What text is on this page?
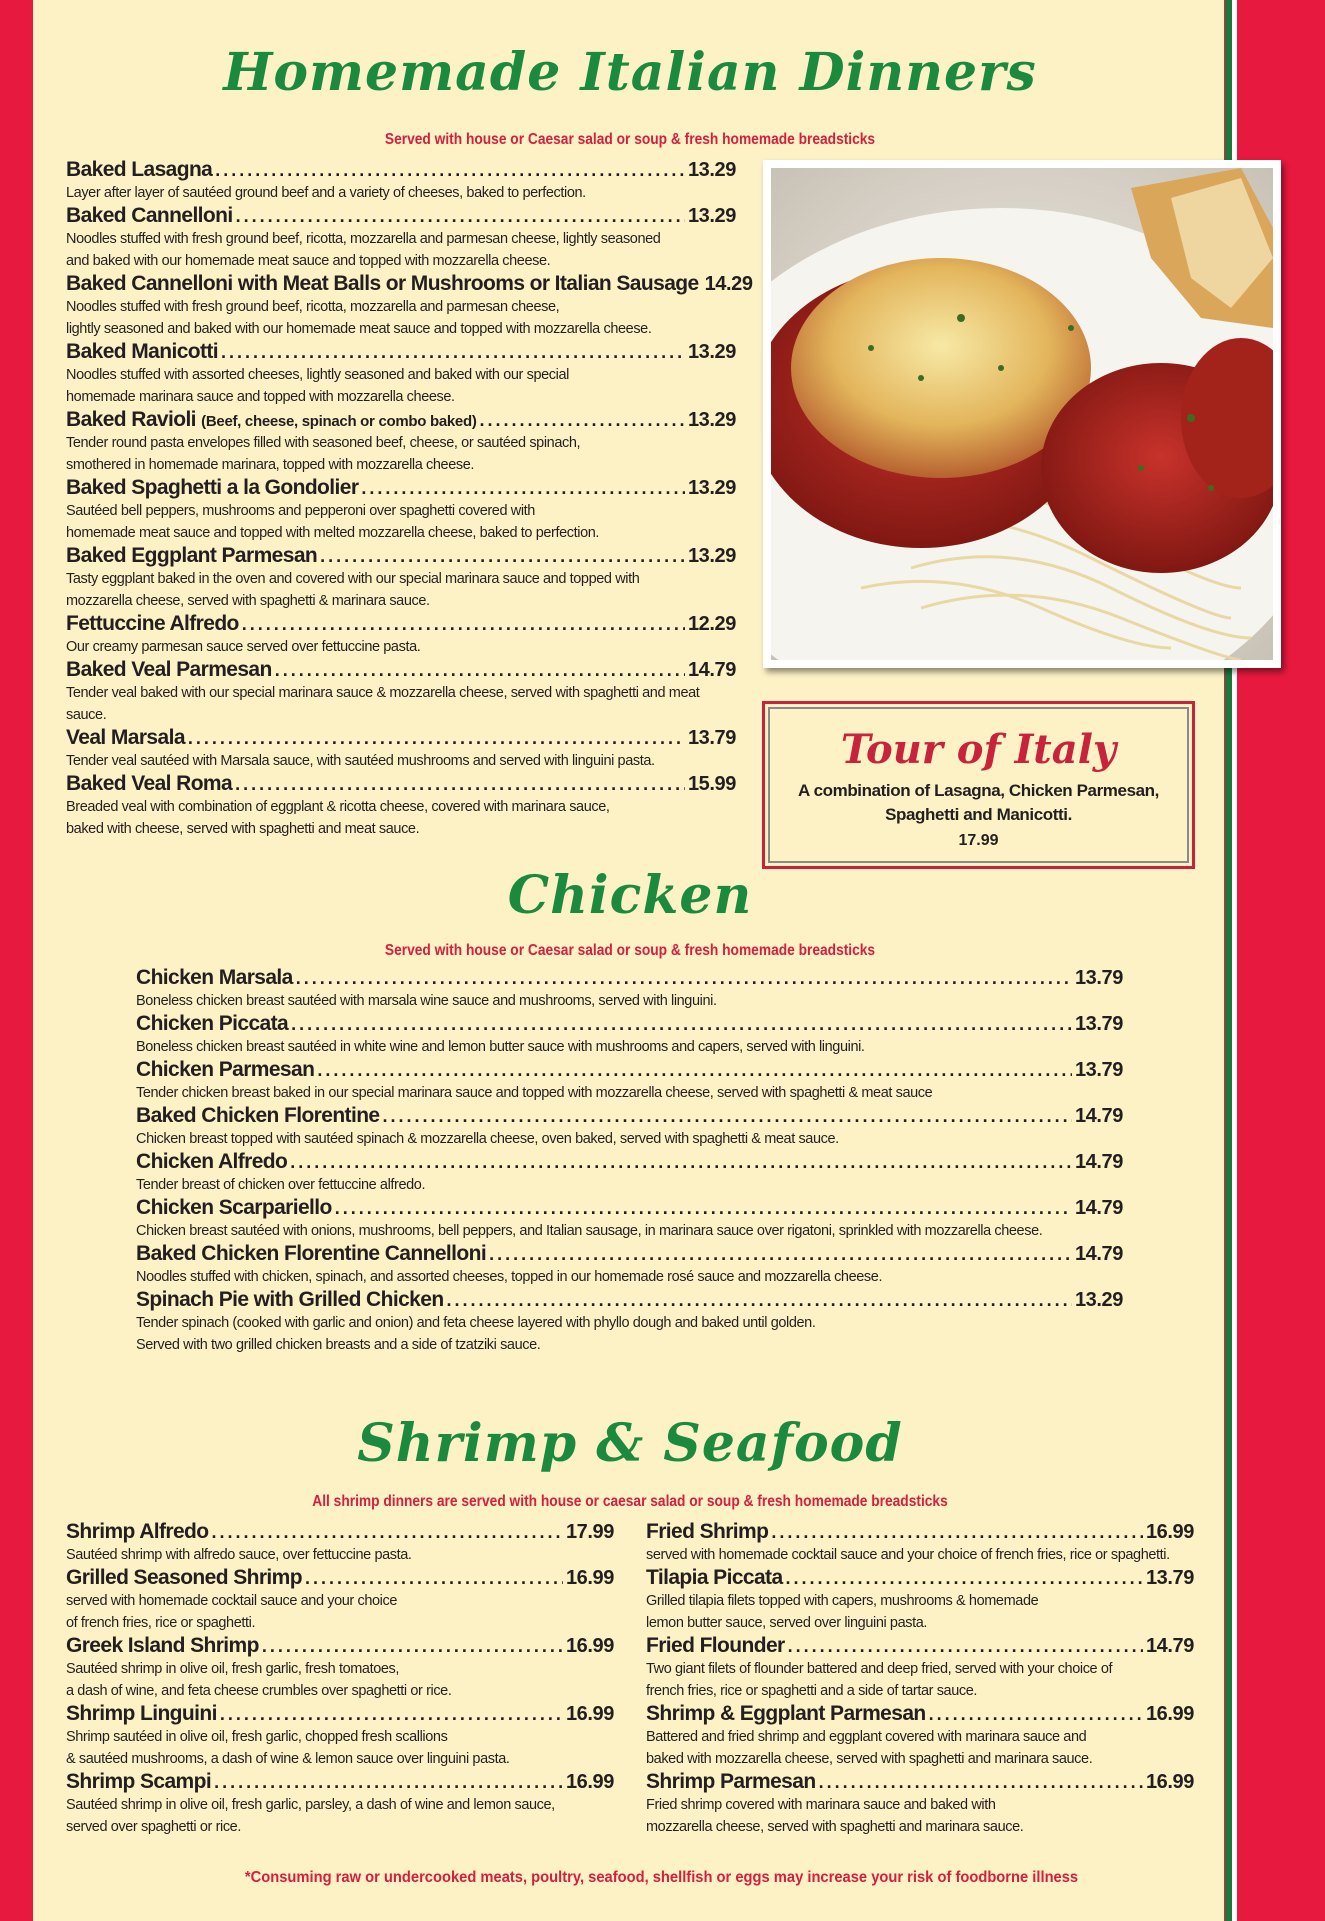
Homemade Italian Dinners
Served with house or Caesar salad or soup & fresh homemade breadsticks
Baked Lasagna .....	13.29
Layer after layer of sautéed ground beef and a variety of cheeses, baked to perfection.
Baked Cannelloni .....	13.29
Noodles stuffed with fresh ground beef, ricotta, mozzarella and parmesan cheese, lightly seasoned
and baked with our homemade meat sauce and topped with mozzarella cheese.
Baked Cannelloni with Meat Balls or Mushrooms or Italian Sausage 14.29
Noodles stuffed with fresh ground beef, ricotta, mozzarella and parmesan cheese,
lightly seasoned and baked with our homemade meat sauce and topped with mozzarella cheese.
Baked Manicotti .....	13.29
Noodles stuffed with assorted cheeses, lightly seasoned and baked with our special
homemade marinara sauce and topped with mozzarella cheese.
Baked Ravioli (Beef, cheese, spinach or combo baked) .....	13.29
Tender round pasta envelopes filled with seasoned beef, cheese, or sautéed spinach,
smothered in homemade marinara, topped with mozzarella cheese.
Baked Spaghetti a la Gondolier .....	13.29
Sautéed bell peppers, mushrooms and pepperoni over spaghetti covered with
homemade meat sauce and topped with melted mozzarella cheese, baked to perfection.
Baked Eggplant Parmesan .....	13.29
Tasty eggplant baked in the oven and covered with our special marinara sauce and topped with
mozzarella cheese, served with spaghetti & marinara sauce.
Fettuccine Alfredo .....	12.29
Our creamy parmesan sauce served over fettuccine pasta.
Baked Veal Parmesan .....	14.79
Tender veal baked with our special marinara sauce & mozzarella cheese, served with spaghetti and meat sauce.
Veal Marsala .....	13.79
Tender veal sautéed with Marsala sauce, with sautéed mushrooms and served with linguini pasta.
Baked Veal Roma .....	15.99
Breaded veal with combination of eggplant & ricotta cheese, covered with marinara sauce,
baked with cheese, served with spaghetti and meat sauce.
Tour of Italy
A combination of Lasagna, Chicken Parmesan, Spaghetti and Manicotti.
17.99
Chicken
Served with house or Caesar salad or soup & fresh homemade breadsticks
Chicken Marsala .....	13.79
Boneless chicken breast sautéed with marsala wine sauce and mushrooms, served with linguini.
Chicken Piccata .....	13.79
Boneless chicken breast sautéed in white wine and lemon butter sauce with mushrooms and capers, served with linguini.
Chicken Parmesan .....	13.79
Tender chicken breast baked in our special marinara sauce and topped with mozzarella cheese, served with spaghetti & meat sauce
Baked Chicken Florentine .....	14.79
Chicken breast topped with sautéed spinach & mozzarella cheese, oven baked, served with spaghetti & meat sauce.
Chicken Alfredo .....	14.79
Tender breast of chicken over fettuccine alfredo.
Chicken Scarpariello .....	14.79
Chicken breast sautéed with onions, mushrooms, bell peppers, and Italian sausage, in marinara sauce over rigatoni, sprinkled with mozzarella cheese.
Baked Chicken Florentine Cannelloni .....	14.79
Noodles stuffed with chicken, spinach, and assorted cheeses, topped in our homemade rosé sauce and mozzarella cheese.
Spinach Pie with Grilled Chicken .....	13.29
Tender spinach (cooked with garlic and onion) and feta cheese layered with phyllo dough and baked until golden.
Served with two grilled chicken breasts and a side of tzatziki sauce.
Shrimp & Seafood
All shrimp dinners are served with house or caesar salad or soup & fresh homemade breadsticks
Shrimp Alfredo .....	17.99
Sautéed shrimp with alfredo sauce, over fettuccine pasta.
Grilled Seasoned Shrimp .....	16.99
served with homemade cocktail sauce and your choice
of french fries, rice or spaghetti.
Greek Island Shrimp .....	16.99
Sautéed shrimp in olive oil, fresh garlic, fresh tomatoes,
a dash of wine, and feta cheese crumbles over spaghetti or rice.
Shrimp Linguini .....	16.99
Shrimp sautéed in olive oil, fresh garlic, chopped fresh scallions
& sautéed mushrooms, a dash of wine & lemon sauce over linguini pasta.
Shrimp Scampi .....	16.99
Sautéed shrimp in olive oil, fresh garlic, parsley, a dash of wine and lemon sauce,
served over spaghetti or rice.
Fried Shrimp .....	16.99
served with homemade cocktail sauce and your choice of french fries, rice or spaghetti.
Tilapia Piccata .....	13.79
Grilled tilapia filets topped with capers, mushrooms & homemade
lemon butter sauce, served over linguini pasta.
Fried Flounder .....	14.79
Two giant filets of flounder battered and deep fried, served with your choice of
french fries, rice or spaghetti and a side of tartar sauce.
Shrimp & Eggplant Parmesan .....	16.99
Battered and fried shrimp and eggplant covered with marinara sauce and
baked with mozzarella cheese, served with spaghetti and marinara sauce.
Shrimp Parmesan .....	16.99
Fried shrimp covered with marinara sauce and baked with
mozzarella cheese, served with spaghetti and marinara sauce.
*Consuming raw or undercooked meats, poultry, seafood, shellfish or eggs may increase your risk of foodborne illness
